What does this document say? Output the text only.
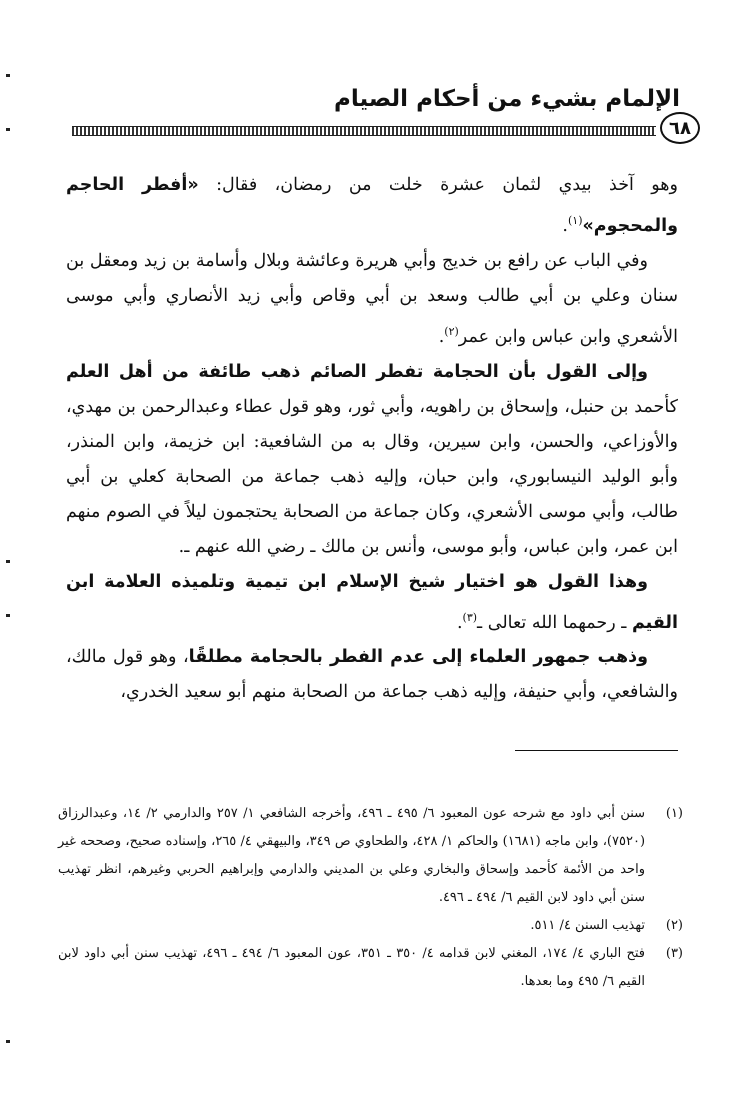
الإلمام بشيء من أحكام الصيام
٦٨

وهو آخذ بيدي لثمان عشرة خلت من رمضان، فقال: «أفطر الحاجم والمحجوم»$^{(١)}$.

وفي الباب عن رافع بن خديج وأبي هريرة وعائشة وبلال وأسامة بن زيد ومعقل بن سنان وعلي بن أبي طالب وسعد بن أبي وقاص وأبي زيد الأنصاري وأبي موسى الأشعري وابن عباس وابن عمر$^{(٢)}$.

وإلى القول بأن الحجامة تفطر الصائم ذهب طائفة من أهل العلم كأحمد بن حنبل، وإسحاق بن راهويه، وأبي ثور، وهو قول عطاء وعبدالرحمن بن مهدي، والأوزاعي، والحسن، وابن سيرين، وقال به من الشافعية: ابن خزيمة، وابن المنذر، وأبو الوليد النيسابوري، وابن حبان، وإليه ذهب جماعة من الصحابة كعلي بن أبي طالب، وأبي موسى الأشعري، وكان جماعة من الصحابة يحتجمون ليلاً في الصوم منهم ابن عمر، وابن عباس، وأبو موسى، وأنس بن مالك ـ رضي الله عنهم ـ.

وهذا القول هو اختيار شيخ الإسلام ابن تيمية وتلميذه العلامة ابن القيم ـ رحمهما الله تعالى ـ$^{(٣)}$.

وذهب جمهور العلماء إلى عدم الفطر بالحجامة مطلقًا، وهو قول مالك، والشافعي، وأبي حنيفة، وإليه ذهب جماعة من الصحابة منهم أبو سعيد الخدري،

(١)
سنن أبي داود مع شرحه عون المعبود ٦/ ٤٩٥ ـ ٤٩٦، وأخرجه الشافعي ١/ ٢٥٧ والدارمي ٢/ ١٤، وعبدالرزاق (٧٥٢٠)، وابن ماجه (١٦٨١) والحاكم ١/ ٤٢٨، والطحاوي ص ٣٤٩، والبيهقي ٤/ ٢٦٥، وإسناده صحيح، وصححه غير واحد من الأئمة كأحمد وإسحاق والبخاري وعلي بن المديني والدارمي وإبراهيم الحربي وغيرهم، انظر تهذيب سنن أبي داود لابن القيم ٦/ ٤٩٤ ـ ٤٩٦.
(٢)
تهذيب السنن ٤/ ٥١١.
(٣)
فتح الباري ٤/ ١٧٤، المغني لابن قدامه ٤/ ٣٥٠ ـ ٣٥١، عون المعبود ٦/ ٤٩٤ ـ ٤٩٦، تهذيب سنن أبي داود لابن القيم ٦/ ٤٩٥ وما بعدها.
